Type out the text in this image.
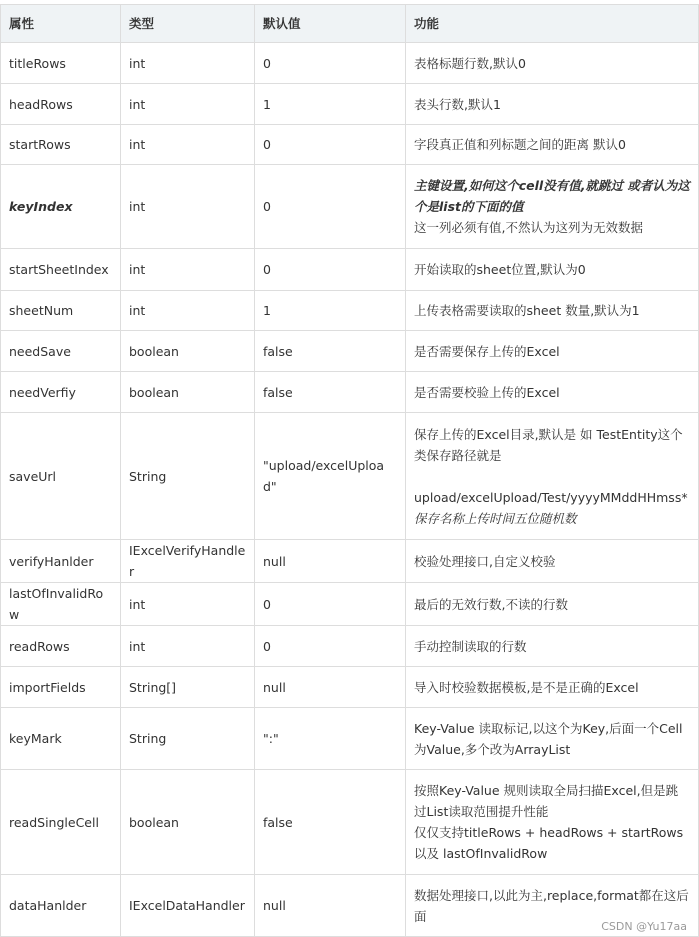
属性	类型	默认值	功能
titleRows	int	0	表格标题行数,默认0
headRows	int	1	表头行数,默认1
startRows	int	0	字段真正值和列标题之间的距离 默认0
keyIndex	int	0	主键设置,如何这个cell没有值,就跳过 或者认为这个是list的下面的值
这一列必须有值,不然认为这列为无效数据

startSheetIndex	int	0	开始读取的sheet位置,默认为0
sheetNum	int	1	上传表格需要读取的sheet 数量,默认为1
needSave	boolean	false	是否需要保存上传的Excel
needVerfiy	boolean	false	是否需要校验上传的Excel
saveUrl	String	"upload/excelUpload"	保存上传的Excel目录,默认是 如 TestEntity这个类保存路径就是
upload/excelUpload/Test/yyyyMMddHHmss*
保存名称上传时间五位随机数

verifyHanlder	IExcelVerifyHandler	null	校验处理接口,自定义校验
lastOfInvalidRow	int	0	最后的无效行数,不读的行数
readRows	int	0	手动控制读取的行数
importFields	String[]	null	导入时校验数据模板,是不是正确的Excel
keyMark	String	":"	Key-Value 读取标记,以这个为Key,后面一个Cell 为Value,多个改为ArrayList
readSingleCell	boolean	false	按照Key-Value 规则读取全局扫描Excel,但是跳过List读取范围提升性能
仅仅支持titleRows + headRows + startRows 以及 lastOfInvalidRow

dataHanlder	IExcelDataHandler	null	数据处理接口,以此为主,replace,format都在这后面
CSDN @Yu17aa
